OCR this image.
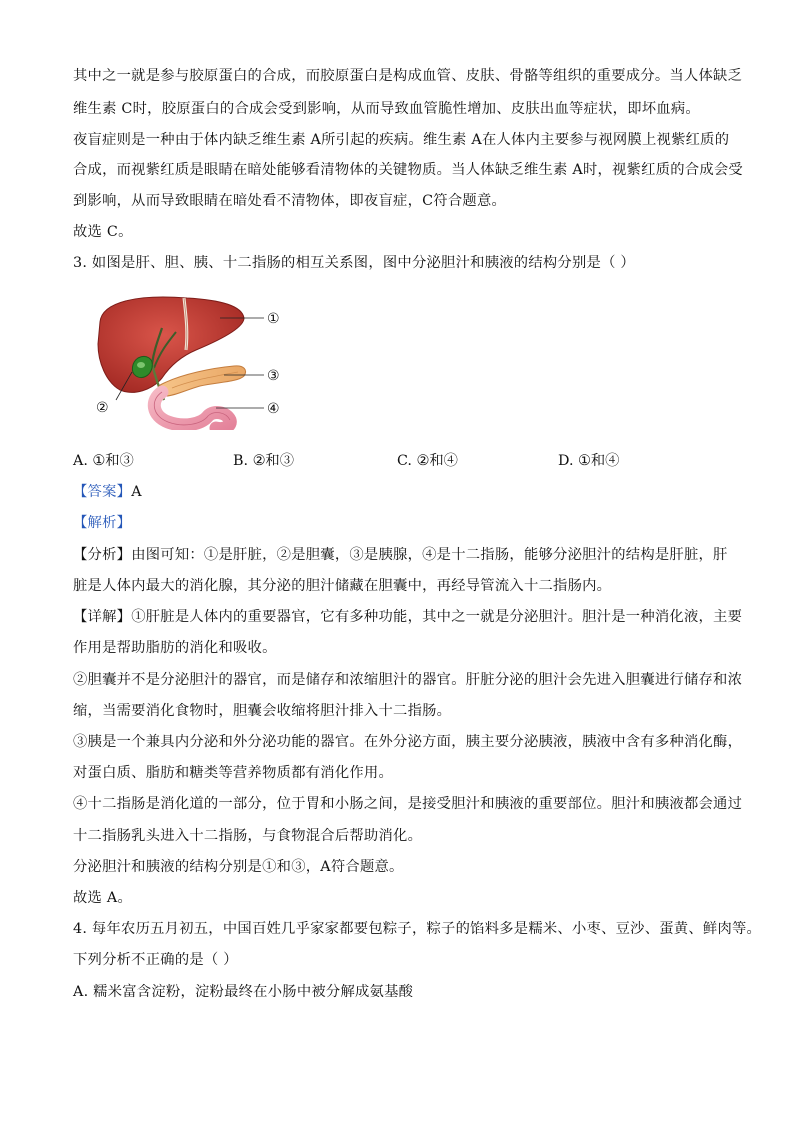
其中之一就是参与胶原蛋白的合成，而胶原蛋白是构成血管、皮肤、骨骼等组织的重要成分。当人体缺乏
维生素 C时，胶原蛋白的合成会受到影响，从而导致血管脆性增加、皮肤出血等症状，即坏血病。
夜盲症则是一种由于体内缺乏维生素 A所引起的疾病。维生素 A在人体内主要参与视网膜上视紫红质的
合成，而视紫红质是眼睛在暗处能够看清物体的关键物质。当人体缺乏维生素 A时，视紫红质的合成会受
到影响，从而导致眼睛在暗处看不清物体，即夜盲症，C符合题意。
故选 C。
3. 如图是肝、胆、胰、十二指肠的相互关系图，图中分泌胆汁和胰液的结构分别是（ ）
①
②
③
④
A. ①和③	B. ②和③	C. ②和④	D. ①和④
【答案】A
【解析】
【分析】由图可知：①是肝脏，②是胆囊，③是胰腺，④是十二指肠，能够分泌胆汁的结构是肝脏，肝
脏是人体内最大的消化腺，其分泌的胆汁储藏在胆囊中，再经导管流入十二指肠内。
【详解】①肝脏是人体内的重要器官，它有多种功能，其中之一就是分泌胆汁。胆汁是一种消化液，主要
作用是帮助脂肪的消化和吸收。
②胆囊并不是分泌胆汁的器官，而是储存和浓缩胆汁的器官。肝脏分泌的胆汁会先进入胆囊进行储存和浓
缩，当需要消化食物时，胆囊会收缩将胆汁排入十二指肠。
③胰是一个兼具内分泌和外分泌功能的器官。在外分泌方面，胰主要分泌胰液，胰液中含有多种消化酶，
对蛋白质、脂肪和糖类等营养物质都有消化作用。
④十二指肠是消化道的一部分，位于胃和小肠之间，是接受胆汁和胰液的重要部位。胆汁和胰液都会通过
十二指肠乳头进入十二指肠，与食物混合后帮助消化。
分泌胆汁和胰液的结构分别是①和③，A符合题意。
故选 A。
4. 每年农历五月初五，中国百姓几乎家家都要包粽子，粽子的馅料多是糯米、小枣、豆沙、蛋黄、鲜肉等。
下列分析不正确的是（ ）
A. 糯米富含淀粉，淀粉最终在小肠中被分解成氨基酸
